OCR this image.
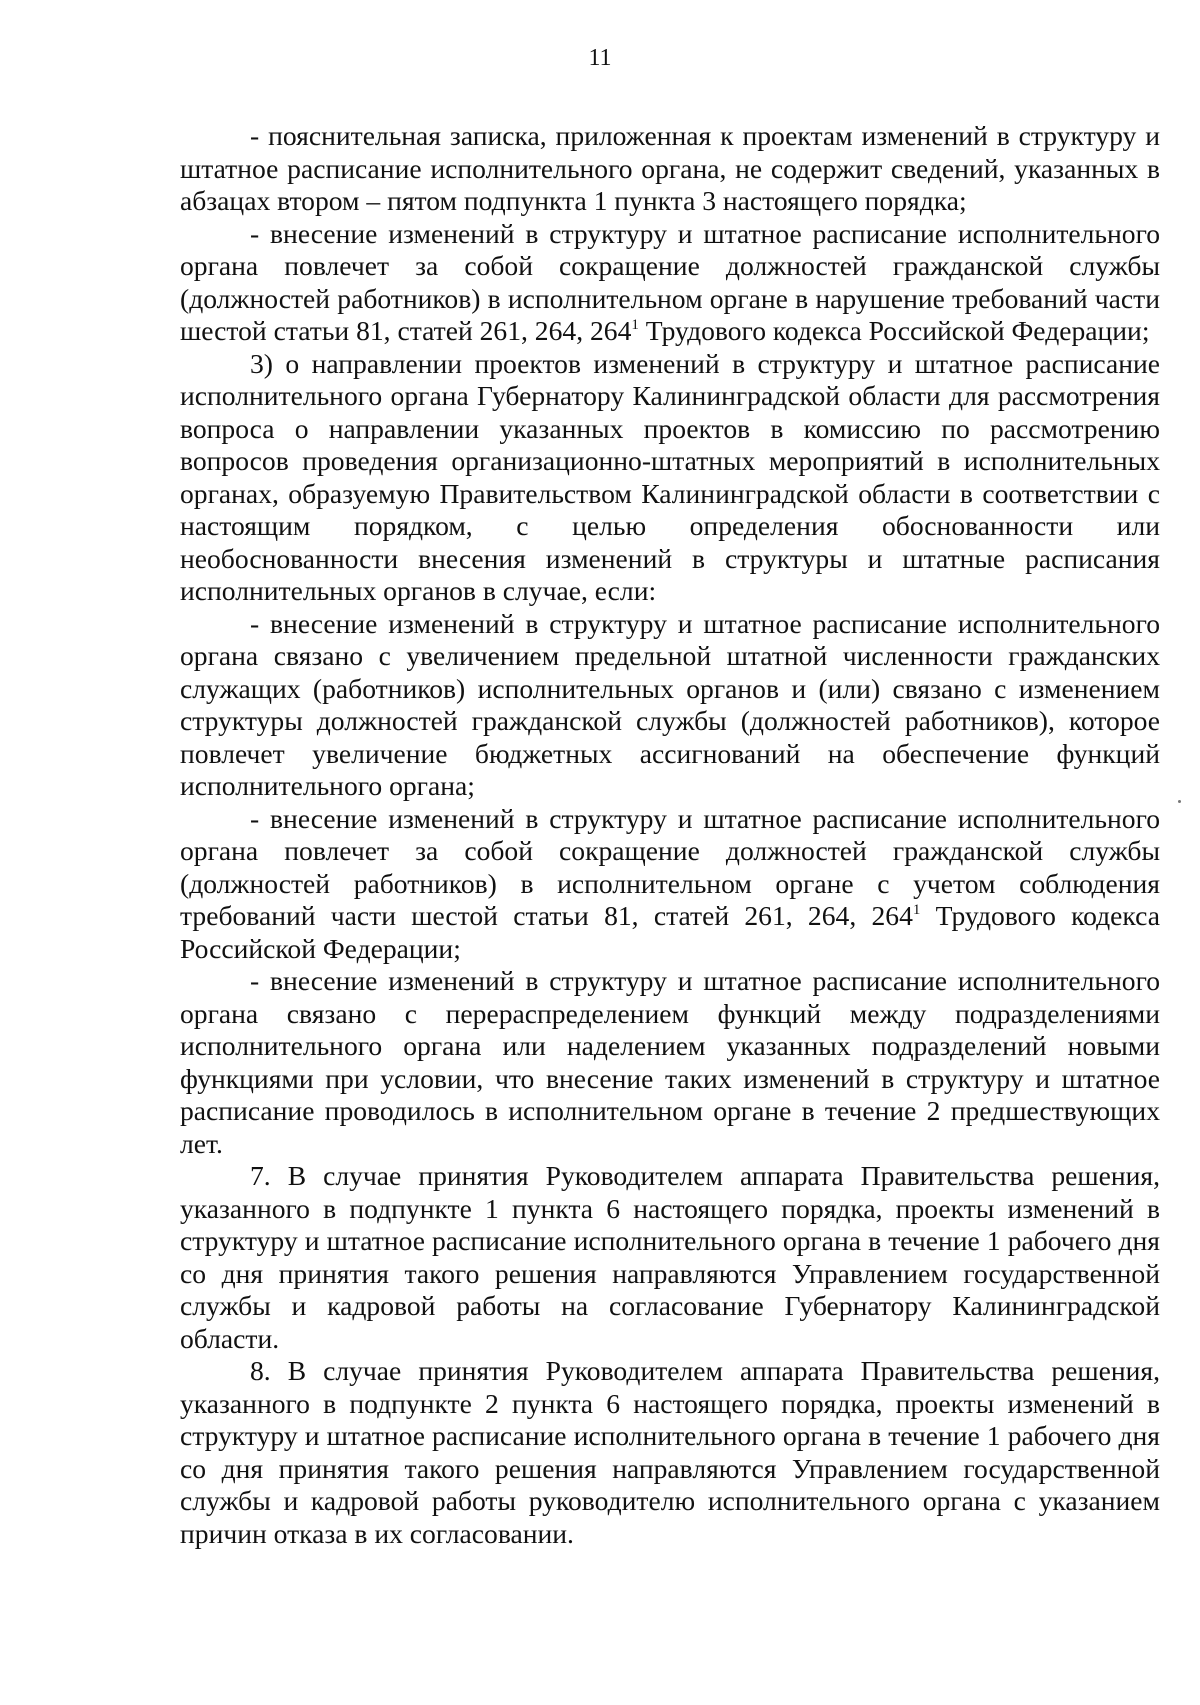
11

- пояснительная записка, приложенная к проектам изменений в структуру и штатное расписание исполнительного органа, не содержит сведений, указанных в абзацах втором – пятом подпункта 1 пункта 3 настоящего порядка;

- внесение изменений в структуру и штатное расписание исполнительного органа повлечет за собой сокращение должностей гражданской службы (должностей работников) в исполнительном органе в нарушение требований части шестой статьи 81, статей 261, 264, $264^1$ Трудового кодекса Российской Федерации;

3) о направлении проектов изменений в структуру и штатное расписание исполнительного органа Губернатору Калининградской области для рассмотрения вопроса о направлении указанных проектов в комиссию по рассмотрению вопросов проведения организационно-штатных мероприятий в исполнительных органах, образуемую Правительством Калининградской области в соответствии с настоящим порядком, с целью определения обоснованности или необоснованности внесения изменений в структуры и штатные расписания исполнительных органов в случае, если:

- внесение изменений в структуру и штатное расписание исполнительного органа связано с увеличением предельной штатной численности гражданских служащих (работников) исполнительных органов и (или) связано с изменением структуры должностей гражданской службы (должностей работников), которое повлечет увеличение бюджетных ассигнований на обеспечение функций исполнительного органа;

- внесение изменений в структуру и штатное расписание исполнительного органа повлечет за собой сокращение должностей гражданской службы (должностей работников) в исполнительном органе с учетом соблюдения требований части шестой статьи 81, статей 261, 264, $264^1$ Трудового кодекса Российской Федерации;

- внесение изменений в структуру и штатное расписание исполнительного органа связано с перераспределением функций между подразделениями исполнительного органа или наделением указанных подразделений новыми функциями при условии, что внесение таких изменений в структуру и штатное расписание проводилось в исполнительном органе в течение 2 предшествующих лет.

7. В случае принятия Руководителем аппарата Правительства решения, указанного в подпункте 1 пункта 6 настоящего порядка, проекты изменений в структуру и штатное расписание исполнительного органа в течение 1 рабочего дня со дня принятия такого решения направляются Управлением государственной службы и кадровой работы на согласование Губернатору Калининградской области.

8. В случае принятия Руководителем аппарата Правительства решения, указанного в подпункте 2 пункта 6 настоящего порядка, проекты изменений в структуру и штатное расписание исполнительного органа в течение 1 рабочего дня со дня принятия такого решения направляются Управлением государственной службы и кадровой работы руководителю исполнительного органа с указанием причин отказа в их согласовании.
